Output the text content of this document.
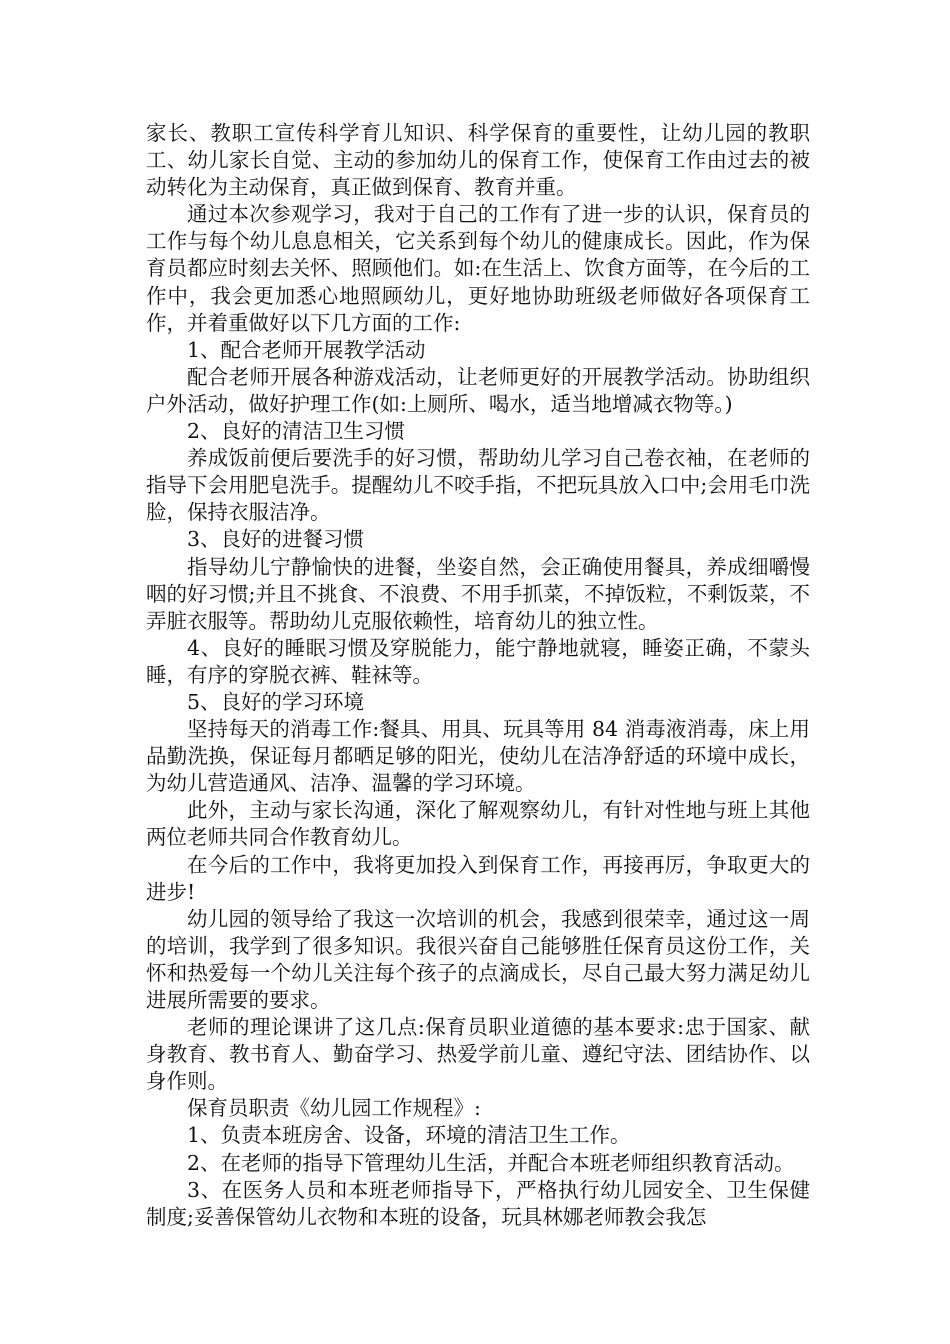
家长、教职工宣传科学育儿知识、科学保育的重要性，让幼儿园的教职工、幼儿家长自觉、主动的参加幼儿的保育工作，使保育工作由过去的被动转化为主动保育，真正做到保育、教育并重。

通过本次参观学习，我对于自己的工作有了进一步的认识，保育员的工作与每个幼儿息息相关，它关系到每个幼儿的健康成长。因此，作为保育员都应时刻去关怀、照顾他们。如:在生活上、饮食方面等，在今后的工作中，我会更加悉心地照顾幼儿，更好地协助班级老师做好各项保育工作，并着重做好以下几方面的工作:

1、配合老师开展教学活动

配合老师开展各种游戏活动，让老师更好的开展教学活动。协助组织户外活动，做好护理工作(如:上厕所、喝水，适当地增减衣物等。)

2、良好的清洁卫生习惯

养成饭前便后要洗手的好习惯，帮助幼儿学习自己卷衣袖，在老师的指导下会用肥皂洗手。提醒幼儿不咬手指，不把玩具放入口中;会用毛巾洗脸，保持衣服洁净。

3、良好的进餐习惯

指导幼儿宁静愉快的进餐，坐姿自然，会正确使用餐具，养成细嚼慢咽的好习惯;并且不挑食、不浪费、不用手抓菜，不掉饭粒，不剩饭菜，不弄脏衣服等。帮助幼儿克服依赖性，培育幼儿的独立性。

4、良好的睡眠习惯及穿脱能力，能宁静地就寝，睡姿正确，不蒙头睡，有序的穿脱衣裤、鞋袜等。

5、良好的学习环境

坚持每天的消毒工作:餐具、用具、玩具等用 84 消毒液消毒，床上用品勤洗换，保证每月都晒足够的阳光，使幼儿在洁净舒适的环境中成长，为幼儿营造通风、洁净、温馨的学习环境。

此外，主动与家长沟通，深化了解观察幼儿，有针对性地与班上其他两位老师共同合作教育幼儿。

在今后的工作中，我将更加投入到保育工作，再接再厉，争取更大的进步!

幼儿园的领导给了我这一次培训的机会，我感到很荣幸，通过这一周的培训，我学到了很多知识。我很兴奋自己能够胜任保育员这份工作，关怀和热爱每一个幼儿关注每个孩子的点滴成长，尽自己最大努力满足幼儿进展所需要的要求。

老师的理论课讲了这几点:保育员职业道德的基本要求:忠于国家、献身教育、教书育人、勤奋学习、热爱学前儿童、遵纪守法、团结协作、以身作则。

保育员职责《幼儿园工作规程》:

1、负责本班房舍、设备，环境的清洁卫生工作。

2、在老师的指导下管理幼儿生活，并配合本班老师组织教育活动。

3、在医务人员和本班老师指导下，严格执行幼儿园安全、卫生保健制度;妥善保管幼儿衣物和本班的设备，玩具林娜老师教会我怎
